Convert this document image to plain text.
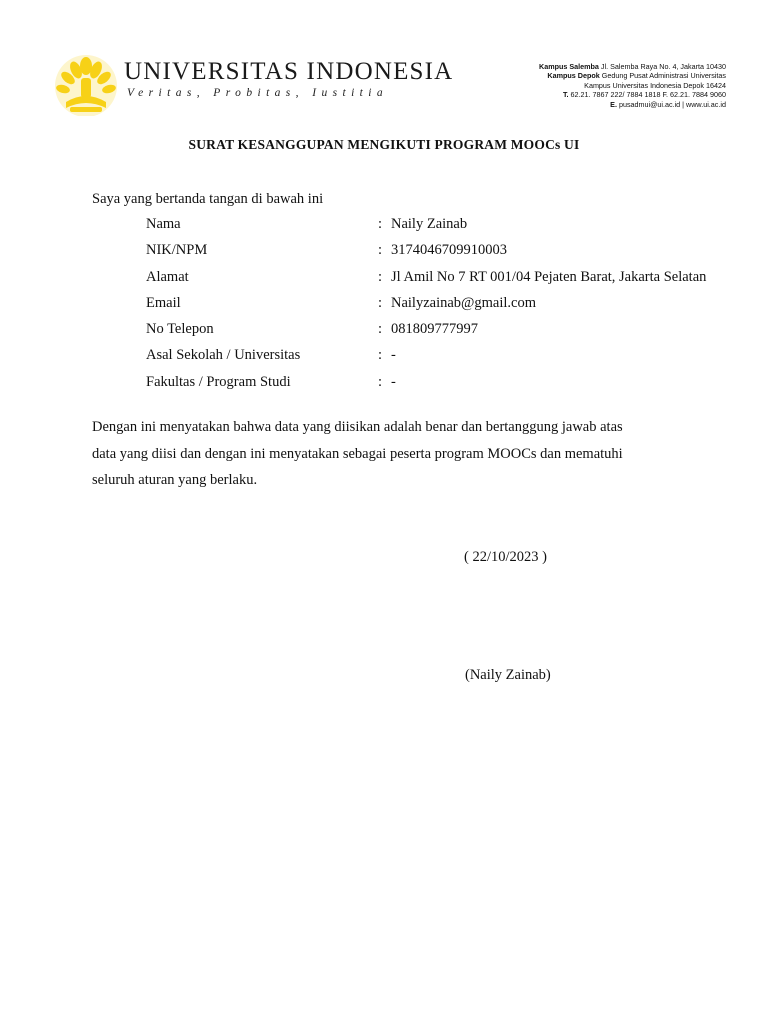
UNIVERSITAS INDONESIA
Veritas, Probitas, Iustitia
Kampus Salemba Jl. Salemba Raya No. 4, Jakarta 10430
Kampus Depok Gedung Pusat Administrasi Universitas
Kampus Universitas Indonesia Depok 16424
T. 62.21. 7867 222/ 7884 1818 F. 62.21. 7884 9060
E. pusadmui@ui.ac.id | www.ui.ac.id
SURAT KESANGGUPAN MENGIKUTI PROGRAM MOOCs UI
Saya yang bertanda tangan di bawah ini
Nama	: Naily Zainab
NIK/NPM	: 3174046709910003
Alamat	: Jl Amil No 7 RT 001/04 Pejaten Barat, Jakarta Selatan
Email	: Nailyzainab@gmail.com
No Telepon	: 081809777997
Asal Sekolah / Universitas	: -
Fakultas / Program Studi	: -
Dengan ini menyatakan bahwa data yang diisikan adalah benar dan bertanggung jawab atas
data yang diisi dan dengan ini menyatakan sebagai peserta program MOOCs dan mematuhi
seluruh aturan yang berlaku.
( 22/10/2023 )
(Naily Zainab)
